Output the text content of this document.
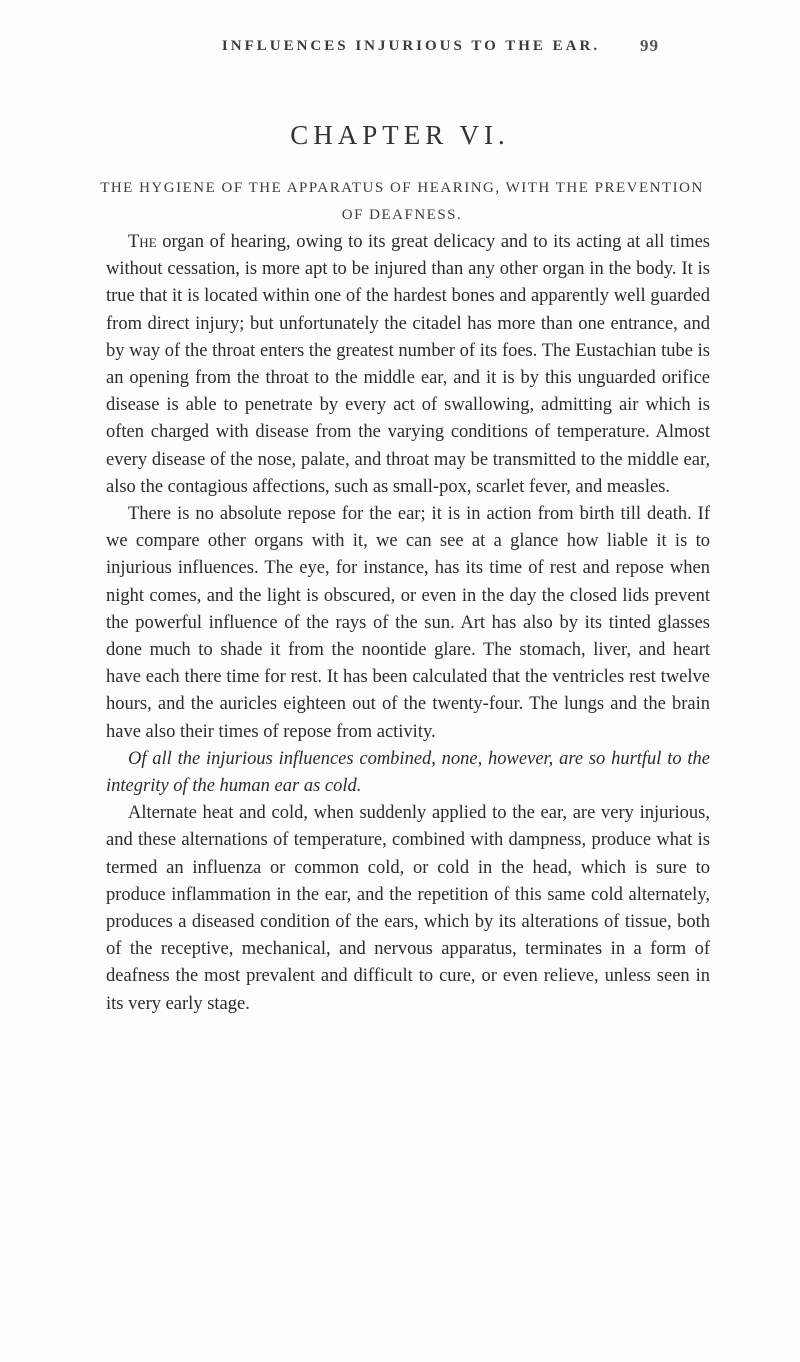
INFLUENCES INJURIOUS TO THE EAR.	99
CHAPTER VI.
THE HYGIENE OF THE APPARATUS OF HEARING, WITH THE PREVENTION OF DEAFNESS.

The organ of hearing, owing to its great delicacy and to its acting at all times without cessation, is more apt to be injured than any other organ in the body. It is true that it is located within one of the hardest bones and apparently well guarded from direct injury; but unfortunately the citadel has more than one entrance, and by way of the throat enters the greatest number of its foes. The Eustachian tube is an opening from the throat to the middle ear, and it is by this unguarded orifice disease is able to penetrate by every act of swallowing, admitting air which is often charged with disease from the varying conditions of temperature. Almost every disease of the nose, palate, and throat may be transmitted to the middle ear, also the contagious affections, such as small-pox, scarlet fever, and measles.

There is no absolute repose for the ear; it is in action from birth till death. If we compare other organs with it, we can see at a glance how liable it is to injurious influences. The eye, for instance, has its time of rest and repose when night comes, and the light is obscured, or even in the day the closed lids prevent the powerful influence of the rays of the sun. Art has also by its tinted glasses done much to shade it from the noontide glare. The stomach, liver, and heart have each there time for rest. It has been calculated that the ventricles rest twelve hours, and the auricles eighteen out of the twenty-four. The lungs and the brain have also their times of repose from activity.

Of all the injurious influences combined, none, however, are so hurtful to the integrity of the human ear as cold.

Alternate heat and cold, when suddenly applied to the ear, are very injurious, and these alternations of temperature, combined with dampness, produce what is termed an influenza or common cold, or cold in the head, which is sure to produce inflammation in the ear, and the repetition of this same cold alternately, produces a diseased condition of the ears, which by its alterations of tissue, both of the receptive, mechanical, and nervous apparatus, terminates in a form of deafness the most prevalent and difficult to cure, or even relieve, unless seen in its very early stage.
